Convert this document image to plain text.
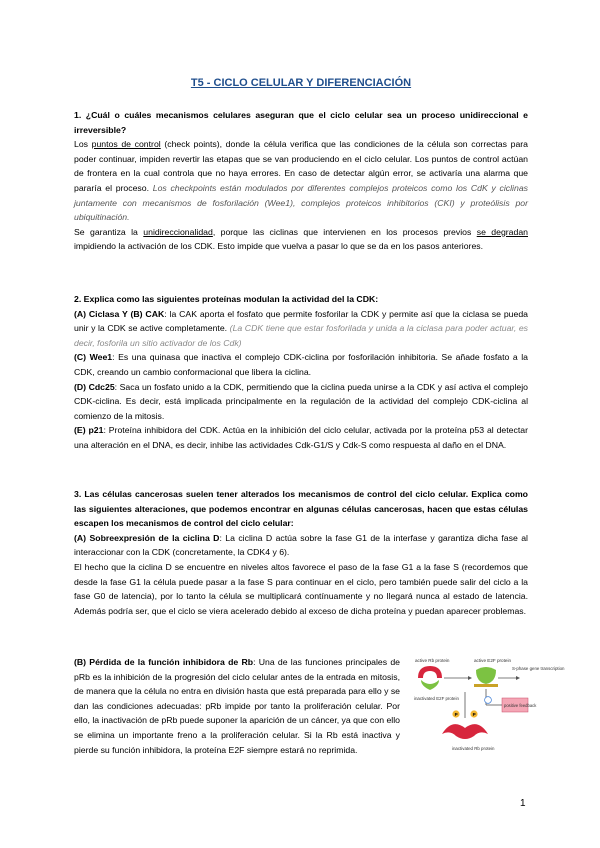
T5 - CICLO CELULAR Y DIFERENCIACIÓN

1. ¿Cuál o cuáles mecanismos celulares aseguran que el ciclo celular sea un proceso unidireccional e irreversible?

Los puntos de control (check points), donde la célula verifica que las condiciones de la célula son correctas para poder continuar, impiden revertir las etapas que se van produciendo en el ciclo celular. Los puntos de control actúan de frontera en la cual controla que no haya errores. En caso de detectar algún error, se activaría una alarma que pararía el proceso. Los checkpoints están modulados por diferentes complejos proteicos como los CdK y ciclinas juntamente con mecanismos de fosforilación (Wee1), complejos proteicos inhibitorios (CKI) y proteólisis por ubiquitinación.

Se garantiza la unidireccionalidad, porque las ciclinas que intervienen en los procesos previos se degradan impidiendo la activación de los CDK. Esto impide que vuelva a pasar lo que se da en los pasos anteriores.

2. Explica como las siguientes proteínas modulan la actividad del la CDK:

(A) Ciclasa Y (B) CAK: la CAK aporta el fosfato que permite fosforilar la CDK y permite así que la ciclasa se pueda unir y la CDK se active completamente. (La CDK tiene que estar fosforilada y unida a la ciclasa para poder actuar, es decir, fosforila un sitio activador de los Cdk)

(C) Wee1: Es una quinasa que inactiva el complejo CDK-ciclina por fosforilación inhibitoria. Se añade fosfato a la CDK, creando un cambio conformacional que libera la ciclina.

(D) Cdc25: Saca un fosfato unido a la CDK, permitiendo que la ciclina pueda unirse a la CDK y así activa el complejo CDK-ciclina. Es decir, está implicada principalmente en la regulación de la actividad del complejo CDK-ciclina al comienzo de la mitosis.

(E) p21: Proteína inhibidora del CDK. Actúa en la inhibición del ciclo celular, activada por la proteína p53 al detectar una alteración en el DNA, es decir, inhibe las actividades Cdk-G1/S y Cdk-S como respuesta al daño en el DNA.

3. Las células cancerosas suelen tener alterados los mecanismos de control del ciclo celular. Explica como las siguientes alteraciones, que podemos encontrar en algunas células cancerosas, hacen que estas células escapen los mecanismos de control del ciclo celular:

(A) Sobreexpresión de la ciclina D: La ciclina D actúa sobre la fase G1 de la interfase y garantiza dicha fase al interaccionar con la CDK (concretamente, la CDK4 y 6).

El hecho que la ciclina D se encuentre en niveles altos favorece el paso de la fase G1 a la fase S (recordemos que desde la fase G1 la célula puede pasar a la fase S para continuar en el ciclo, pero también puede salir del ciclo a la fase G0 de latencia), por lo tanto la célula se multiplicará contínuamente y no llegará nunca al estado de latencia. Además podría ser, que el ciclo se viera acelerado debido al exceso de dicha proteína y puedan aparecer problemas.

(B) Pérdida de la función inhibidora de Rb: Una de las funciones principales de pRb es la inhibición de la progresión del ciclo celular antes de la entrada en mitosis, de manera que la célula no entra en división hasta que está preparada para ello y se dan las condiciones adecuadas: pRb impide por tanto la proliferación celular. Por ello, la inactivación de pRb puede suponer la aparición de un cáncer, ya que con ello se elimina un importante freno a la proliferación celular. Si la Rb está inactiva y pierde su función inhibidora, la proteína E2F siempre estará no reprimida.

active Rb protein
inactivated E2F protein
active E2F protein
S-phase gene transcription
positive feedback
P	P
inactivated Rb protein
1
